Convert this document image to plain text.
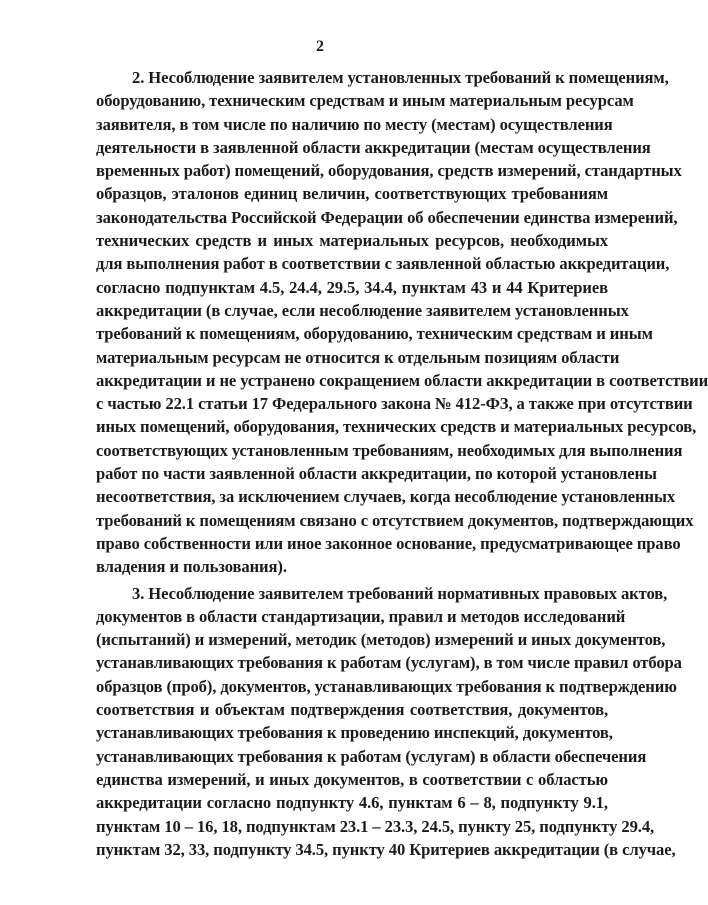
2

2. Несоблюдение заявителем установленных требований к помещениям,
оборудованию, техническим средствам и иным материальным ресурсам
заявителя, в том числе по наличию по месту (местам) осуществления
деятельности в заявленной области аккредитации (местам осуществления
временных работ) помещений, оборудования, средств измерений, стандартных
образцов, эталонов единиц величин, соответствующих требованиям
законодательства Российской Федерации об обеспечении единства измерений,
технических средств и иных материальных ресурсов, необходимых
для выполнения работ в соответствии с заявленной областью аккредитации,
согласно подпунктам 4.5, 24.4, 29.5, 34.4, пунктам 43 и 44 Критериев
аккредитации (в случае, если несоблюдение заявителем установленных
требований к помещениям, оборудованию, техническим средствам и иным
материальным ресурсам не относится к отдельным позициям области
аккредитации и не устранено сокращением области аккредитации в соответствии
с частью 22.1 статьи 17 Федерального закона № 412-ФЗ, а также при отсутствии
иных помещений, оборудования, технических средств и материальных ресурсов,
соответствующих установленным требованиям, необходимых для выполнения
работ по части заявленной области аккредитации, по которой установлены
несоответствия, за исключением случаев, когда несоблюдение установленных
требований к помещениям связано с отсутствием документов, подтверждающих
право собственности или иное законное основание, предусматривающее право
владения и пользования).

3. Несоблюдение заявителем требований нормативных правовых актов,
документов в области стандартизации, правил и методов исследований
(испытаний) и измерений, методик (методов) измерений и иных документов,
устанавливающих требования к работам (услугам), в том числе правил отбора
образцов (проб), документов, устанавливающих требования к подтверждению
соответствия и объектам подтверждения соответствия, документов,
устанавливающих требования к проведению инспекций, документов,
устанавливающих требования к работам (услугам) в области обеспечения
единства измерений, и иных документов, в соответствии с областью
аккредитации согласно подпункту 4.6, пунктам 6 – 8, подпункту 9.1,
пунктам 10 – 16, 18, подпунктам 23.1 – 23.3, 24.5, пункту 25, подпункту 29.4,
пунктам 32, 33, подпункту 34.5, пункту 40 Критериев аккредитации (в случае,
